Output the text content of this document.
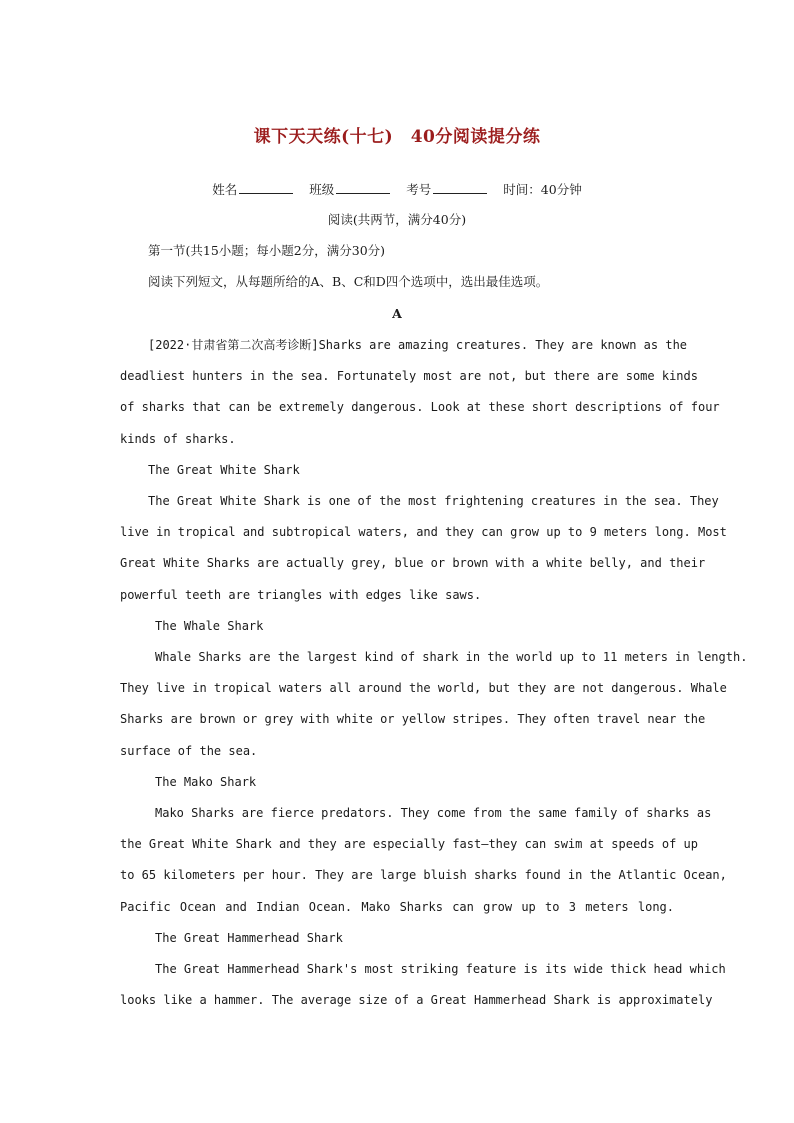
课下天天练(十七)　40分阅读提分练
姓名	班级	考号	时间：40分钟
阅读(共两节，满分40分)
第一节(共15小题；每小题2分，满分30分)
阅读下列短文，从每题所给的A、B、C和D四个选项中，选出最佳选项。
A
[2022·甘肃省第二次高考诊断]Sharks are amazing creatures. They are known as the
deadliest hunters in the sea. Fortunately most are not, but there are some kinds
of sharks that can be extremely dangerous. Look at these short descriptions of four
kinds of sharks.
The Great White Shark
The Great White Shark is one of the most frightening creatures in the sea. They
live in tropical and subtropical waters, and they can grow up to 9 meters long. Most
Great White Sharks are actually grey, blue or brown with a white belly, and their
powerful teeth are triangles with edges like saws.
The Whale Shark
Whale Sharks are the largest kind of shark in the world up to 11 meters in length.
They live in tropical waters all around the world, but they are not dangerous. Whale
Sharks are brown or grey with white or yellow stripes. They often travel near the
surface of the sea.
The Mako Shark
Mako Sharks are fierce predators. They come from the same family of sharks as
the Great White Shark and they are especially fast—they can swim at speeds of up
to 65 kilometers per hour. They are large bluish sharks found in the Atlantic Ocean,
Pacific Ocean and Indian Ocean. Mako Sharks can grow up to 3 meters long.
The Great Hammerhead Shark
The Great Hammerhead Shark's most striking feature is its wide thick head which
looks like a hammer. The average size of a Great Hammerhead Shark is approximately
